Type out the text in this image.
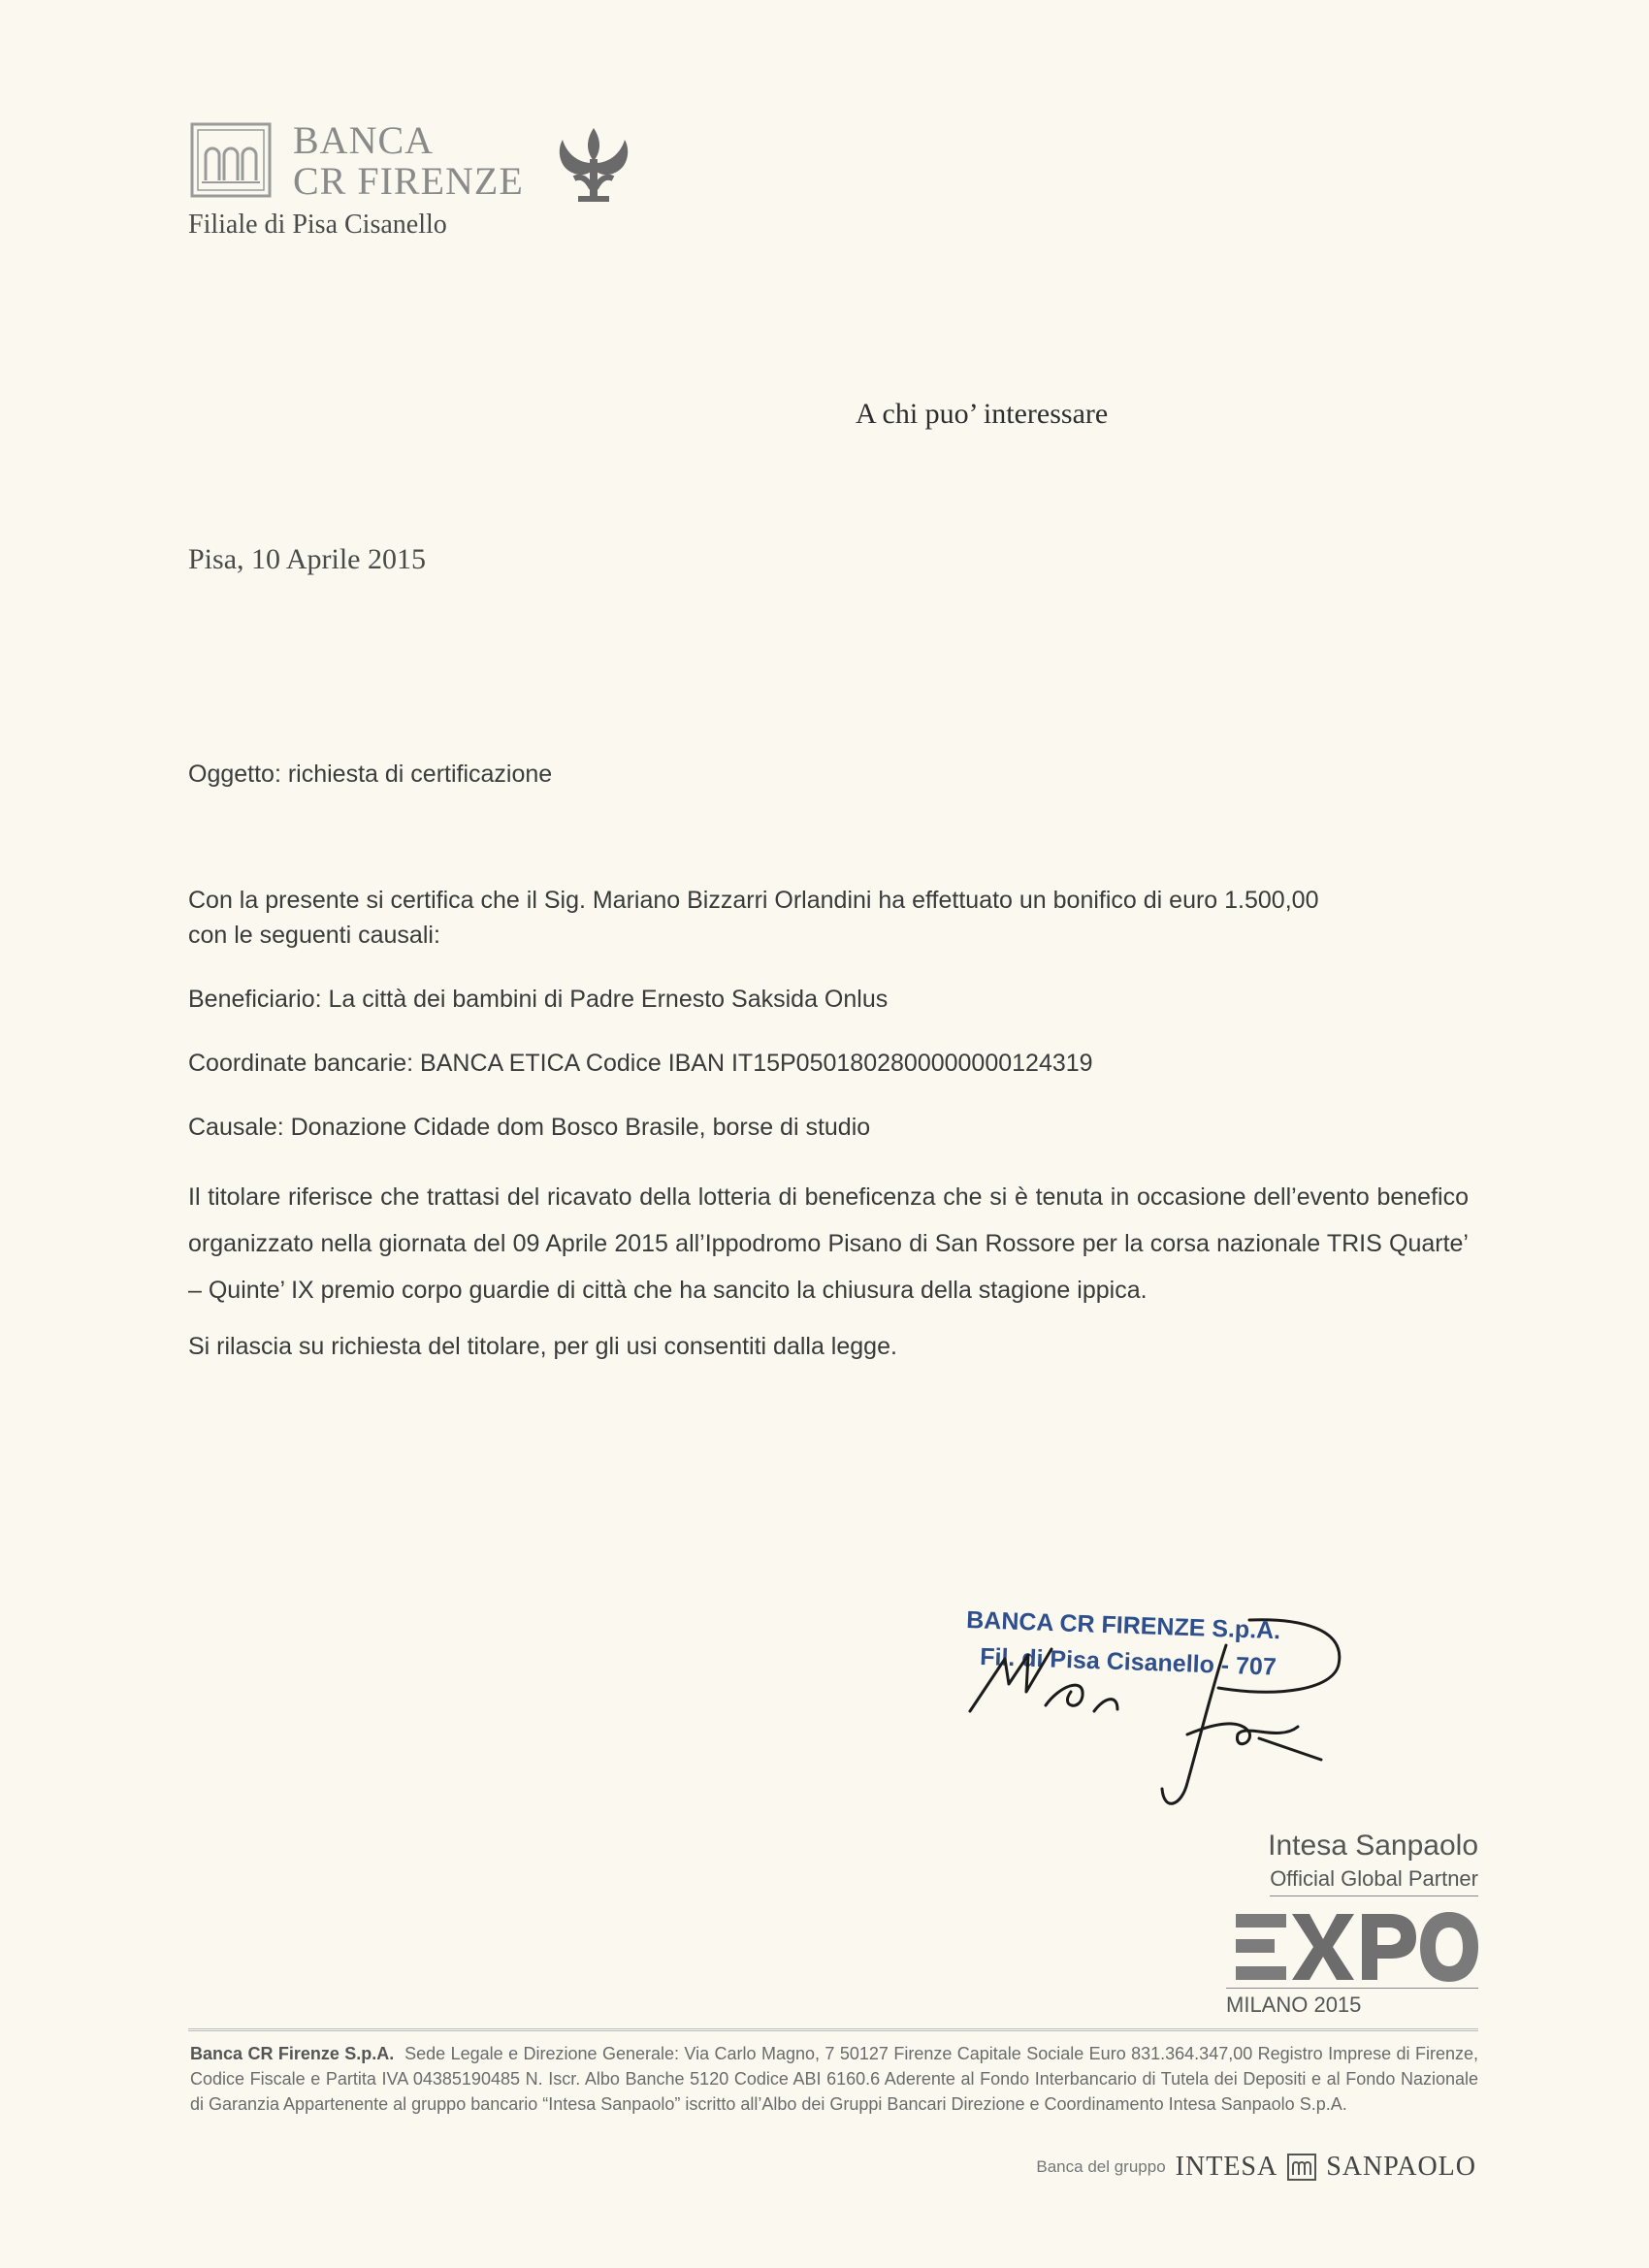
BANCA
CR FIRENZE
Filiale di Pisa Cisanello
A chi puo’ interessare
Pisa, 10 Aprile 2015
Oggetto: richiesta di certificazione

Con la presente si certifica che il Sig. Mariano Bizzarri Orlandini ha effettuato un bonifico di euro 1.500,00

con le seguenti causali:

Beneficiario: La città dei bambini di Padre Ernesto Saksida Onlus

Coordinate bancarie: BANCA ETICA Codice IBAN IT15P0501802800000000124319

Causale: Donazione Cidade dom Bosco Brasile, borse di studio

Il titolare riferisce che trattasi del ricavato della lotteria di beneficenza che si è tenuta in occasione dell’evento benefico organizzato nella giornata del 09 Aprile 2015 all’Ippodromo Pisano di San Rossore per la corsa nazionale TRIS Quarte’ – Quinte’ IX premio corpo guardie di città che ha sancito la chiusura della stagione ippica.

Si rilascia su richiesta del titolare, per gli usi consentiti dalla legge.

BANCA CR FIRENZE S.p.A.
Fil. di Pisa Cisanello - 707
Intesa Sanpaolo
Official Global Partner
MILANO 2015
Banca CR Firenze S.p.A. Sede Legale e Direzione Generale: Via Carlo Magno, 7 50127 Firenze Capitale Sociale Euro 831.364.347,00 Registro Imprese di Firenze, Codice Fiscale e Partita IVA 04385190485 N. Iscr. Albo Banche 5120 Codice ABI 6160.6 Aderente al Fondo Interbancario di Tutela dei Depositi e al Fondo Nazionale di Garanzia Appartenente al gruppo bancario “Intesa Sanpaolo” iscritto all’Albo dei Gruppi Bancari Direzione e Coordinamento Intesa Sanpaolo S.p.A.
Banca del gruppo INTESA SANPAOLO
